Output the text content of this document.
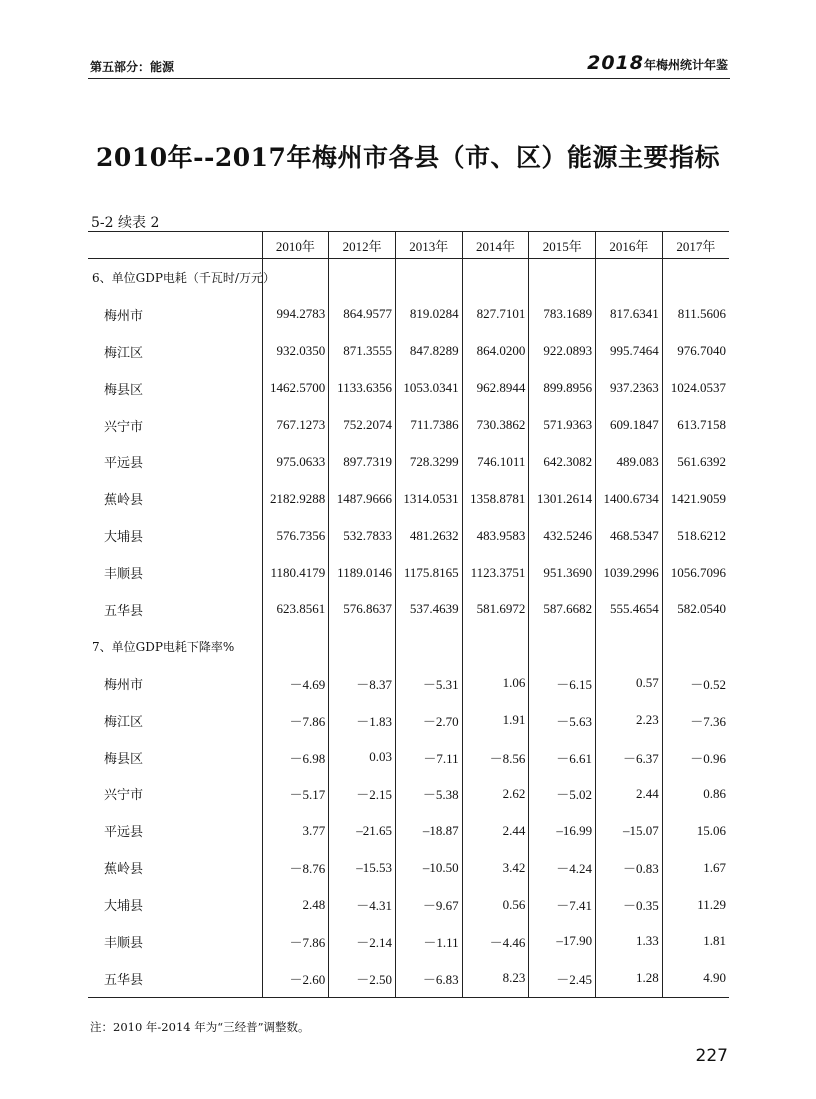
第五部分：能源	2018年梅州统计年鉴
2010年--2017年梅州市各县（市、区）能源主要指标
5-2 续表 2
	2010年	2012年	2013年	2014年	2015年	2016年	2017年
6、单位GDP电耗（千瓦时/万元）							
梅州市	994.2783	864.9577	819.0284	827.7101	783.1689	817.6341	811.5606
梅江区	932.0350	871.3555	847.8289	864.0200	922.0893	995.7464	976.7040
梅县区	1462.5700	1133.6356	1053.0341	962.8944	899.8956	937.2363	1024.0537
兴宁市	767.1273	752.2074	711.7386	730.3862	571.9363	609.1847	613.7158
平远县	975.0633	897.7319	728.3299	746.1011	642.3082	489.083	561.6392
蕉岭县	2182.9288	1487.9666	1314.0531	1358.8781	1301.2614	1400.6734	1421.9059
大埔县	576.7356	532.7833	481.2632	483.9583	432.5246	468.5347	518.6212
丰顺县	1180.4179	1189.0146	1175.8165	1123.3751	951.3690	1039.2996	1056.7096
五华县	623.8561	576.8637	537.4639	581.6972	587.6682	555.4654	582.0540
7、单位GDP电耗下降率%							
梅州市	－4.69	－8.37	－5.31	1.06	－6.15	0.57	－0.52
梅江区	－7.86	－1.83	－2.70	1.91	－5.63	2.23	－7.36
梅县区	－6.98	0.03	－7.11	－8.56	－6.61	－6.37	－0.96
兴宁市	－5.17	－2.15	－5.38	2.62	－5.02	2.44	0.86
平远县	3.77	–21.65	–18.87	2.44	–16.99	–15.07	15.06
蕉岭县	－8.76	–15.53	–10.50	3.42	－4.24	－0.83	1.67
大埔县	2.48	－4.31	－9.67	0.56	－7.41	－0.35	11.29
丰顺县	－7.86	－2.14	－1.11	－4.46	–17.90	1.33	1.81
五华县	－2.60	－2.50	－6.83	8.23	－2.45	1.28	4.90
注：2010 年-2014 年为“三经普”调整数。
227
